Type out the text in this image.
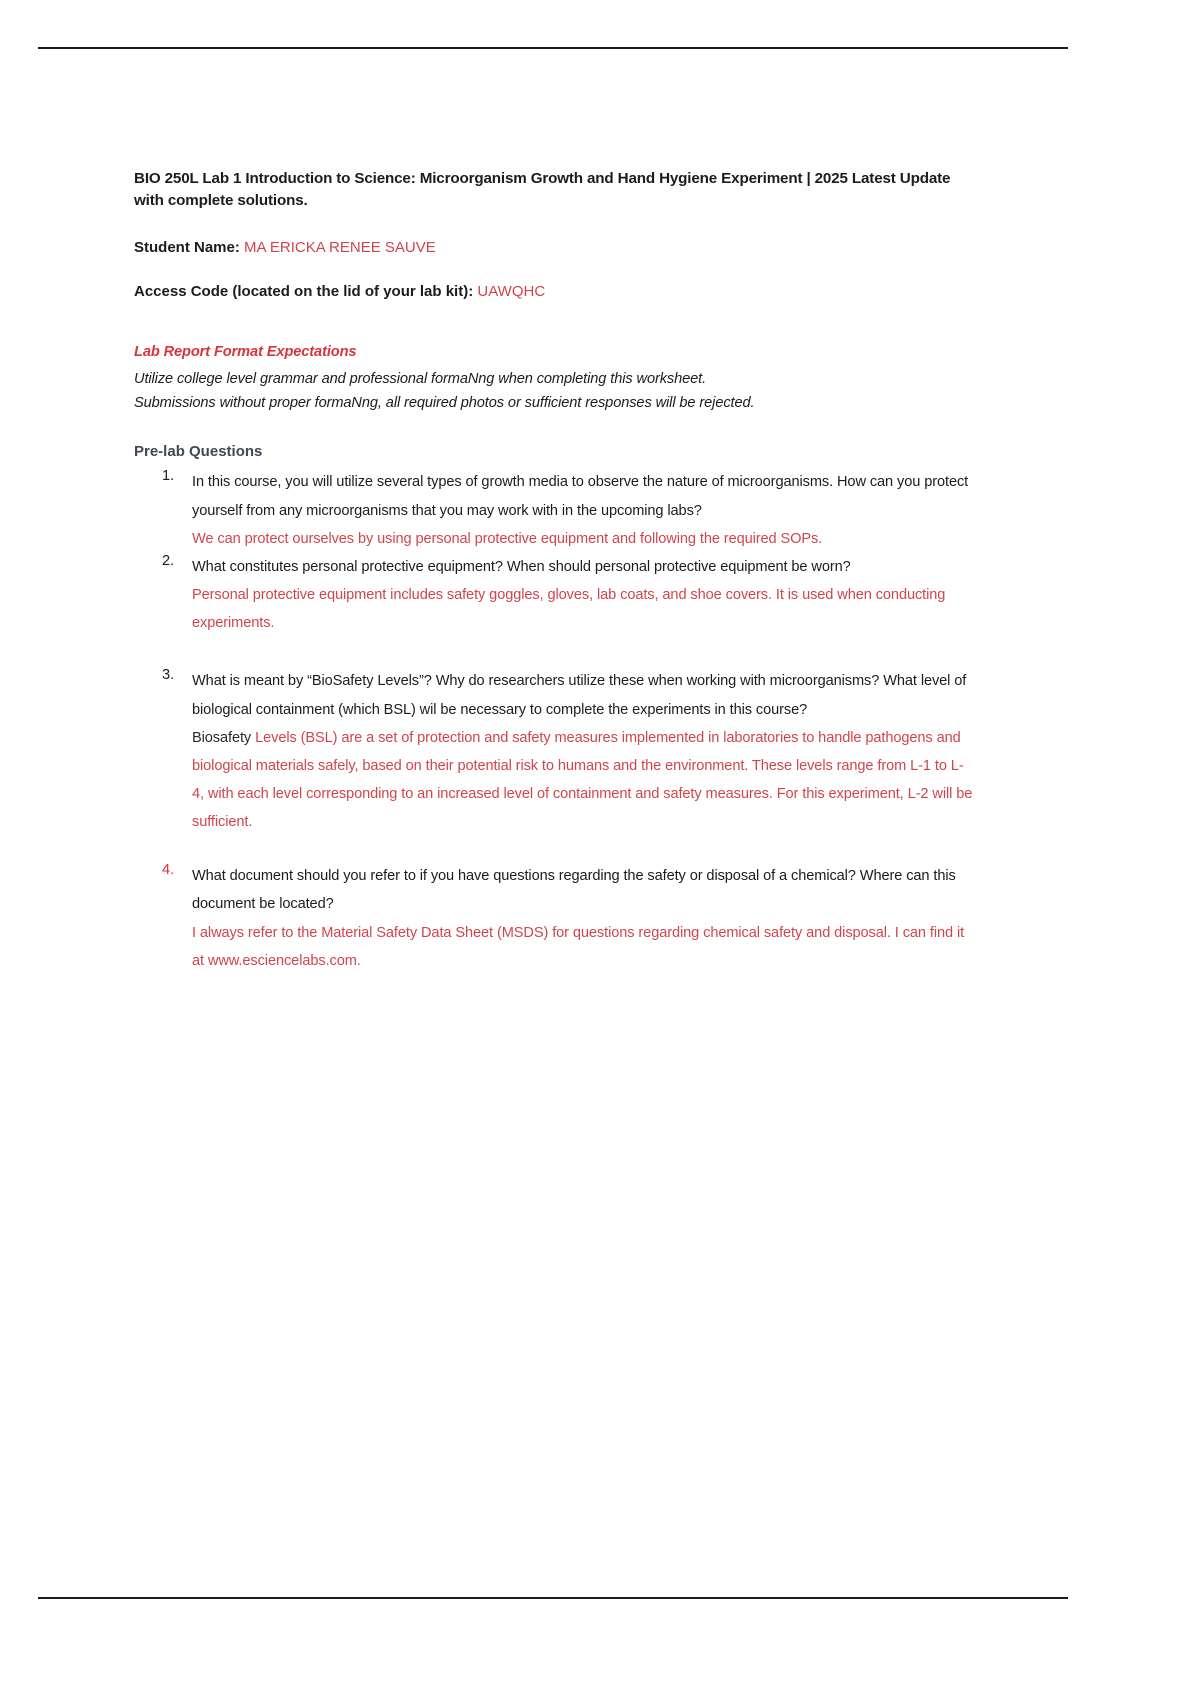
BIO 250L Lab 1 Introduction to Science: Microorganism Growth and Hand Hygiene Experiment | 2025 Latest Update with complete solutions.

Student Name: MA ERICKA RENEE SAUVE

Access Code (located on the lid of your lab kit): UAWQHC

Lab Report Format Expectations

Utilize college level grammar and professional formaNng when completing this worksheet.

Submissions without proper formaNng, all required photos or sufficient responses will be rejected.

Pre-lab Questions

1.	In this course, you will utilize several types of growth media to observe the nature of microorganisms. How can you protect yourself from any microorganisms that you may work with in the upcoming labs?

We can protect ourselves by using personal protective equipment and following the required SOPs.

2.	What constitutes personal protective equipment? When should personal protective equipment be worn?

Personal protective equipment includes safety goggles, gloves, lab coats, and shoe covers. It is used when conducting experiments.

3.	What is meant by “BioSafety Levels”? Why do researchers utilize these when working with microorganisms? What level of biological containment (which BSL) wil be necessary to complete the experiments in this course?

Biosafety Levels (BSL) are a set of protection and safety measures implemented in laboratories to handle pathogens and biological materials safely, based on their potential risk to humans and the environment. These levels range from L-1 to L-4, with each level corresponding to an increased level of containment and safety measures. For this experiment, L-2 will be sufficient.

4.	What document should you refer to if you have questions regarding the safety or disposal of a chemical? Where can this document be located?

I always refer to the Material Safety Data Sheet (MSDS) for questions regarding chemical safety and disposal. I can find it at www.esciencelabs.com.
